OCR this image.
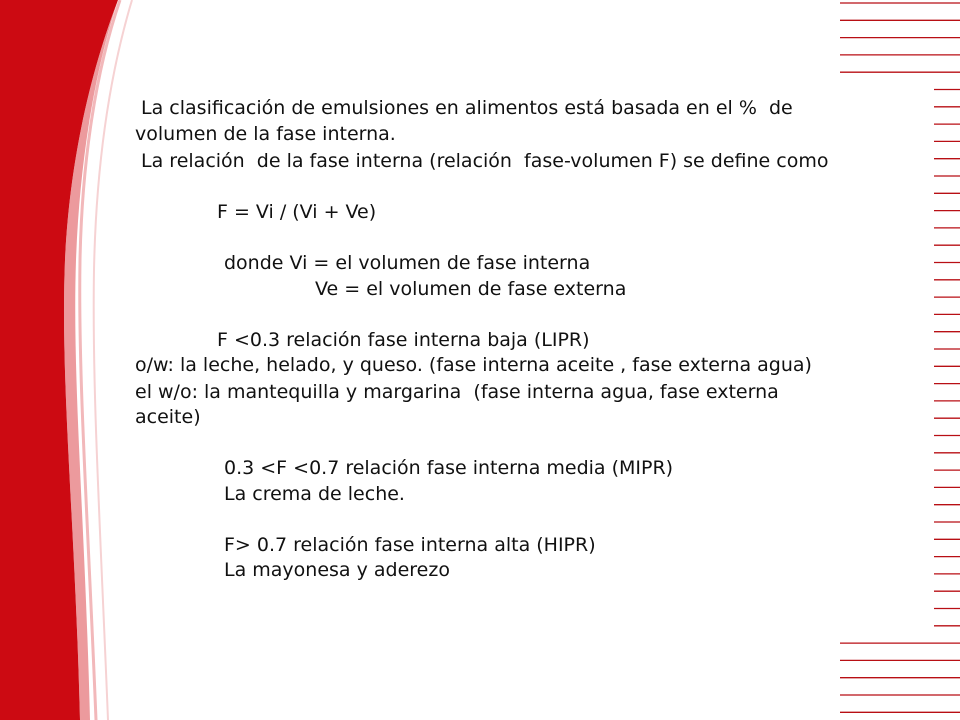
La clasificación de emulsiones en alimentos está basada en el %  de

volumen de la fase interna.

La relación  de la fase interna (relación  fase-volumen F) se define como

F = Vi / (Vi + Ve)

donde Vi = el volumen de fase interna

Ve = el volumen de fase externa

F <0.3 relación fase interna baja (LIPR)

o/w: la leche, helado, y queso. (fase interna aceite , fase externa agua)

el w/o: la mantequilla y margarina  (fase interna agua, fase externa

aceite)

0.3 <F <0.7 relación fase interna media (MIPR)

La crema de leche.

F> 0.7 relación fase interna alta (HIPR)

La mayonesa y aderezo
